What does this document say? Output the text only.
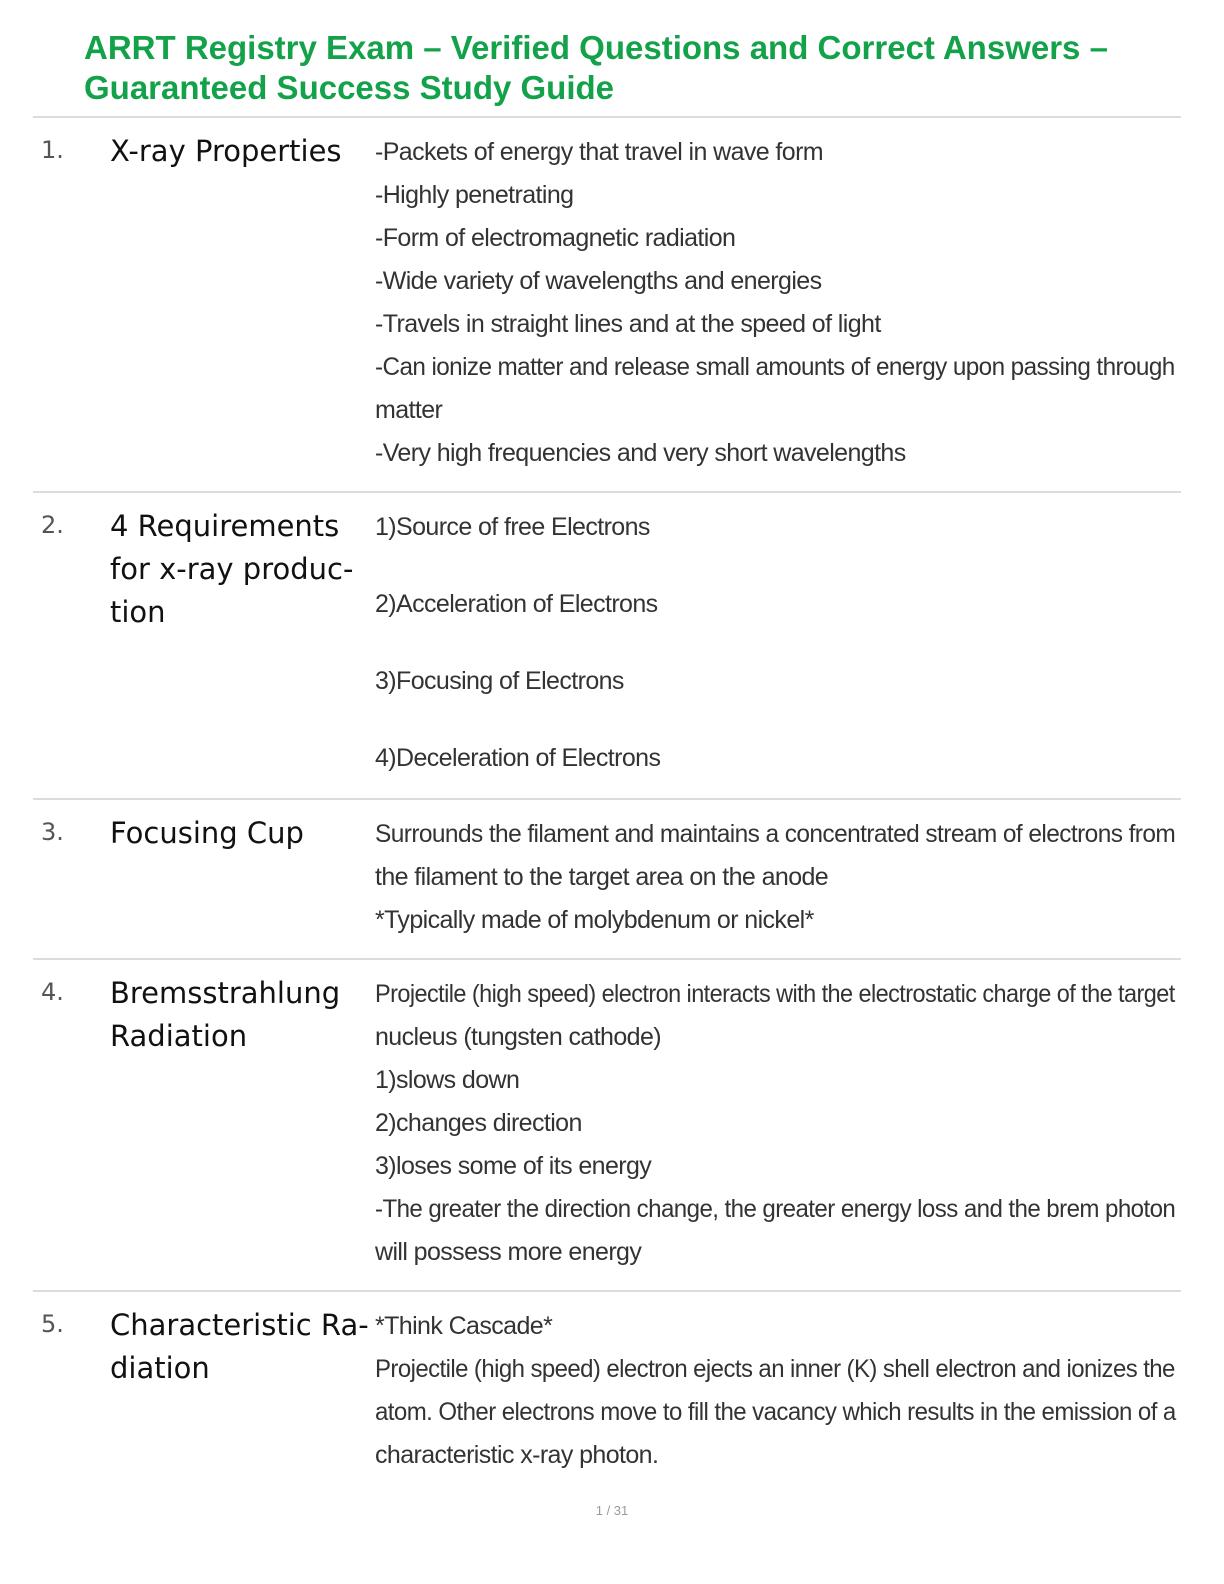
ARRT Registry Exam – Verified Questions and Correct Answers –
Guaranteed Success Study Guide
1. X-ray Properties	-Packets of energy that travel in wave form
-Highly penetrating
-Form of electromagnetic radiation
-Wide variety of wavelengths and energies
-Travels in straight lines and at the speed of light
-Can ionize matter and release small amounts of energy upon passing through
matter
-Very high frequencies and very short wavelengths
2. 4 Requirements
for x-ray produc-
tion
1)Source of free Electrons
2)Acceleration of Electrons
3)Focusing of Electrons
4)Deceleration of Electrons
3. Focusing Cup	Surrounds the filament and maintains a concentrated stream of electrons from
the filament to the target area on the anode
*Typically made of molybdenum or nickel*
4. Bremsstrahlung
Radiation
Projectile (high speed) electron interacts with the electrostatic charge of the target
nucleus (tungsten cathode)
1)slows down
2)changes direction
3)loses some of its energy
-The greater the direction change, the greater energy loss and the brem photon
will possess more energy
5. Characteristic Ra-
diation
*Think Cascade*
Projectile (high speed) electron ejects an inner (K) shell electron and ionizes the
atom. Other electrons move to fill the vacancy which results in the emission of a
characteristic x-ray photon.
1 / 31
